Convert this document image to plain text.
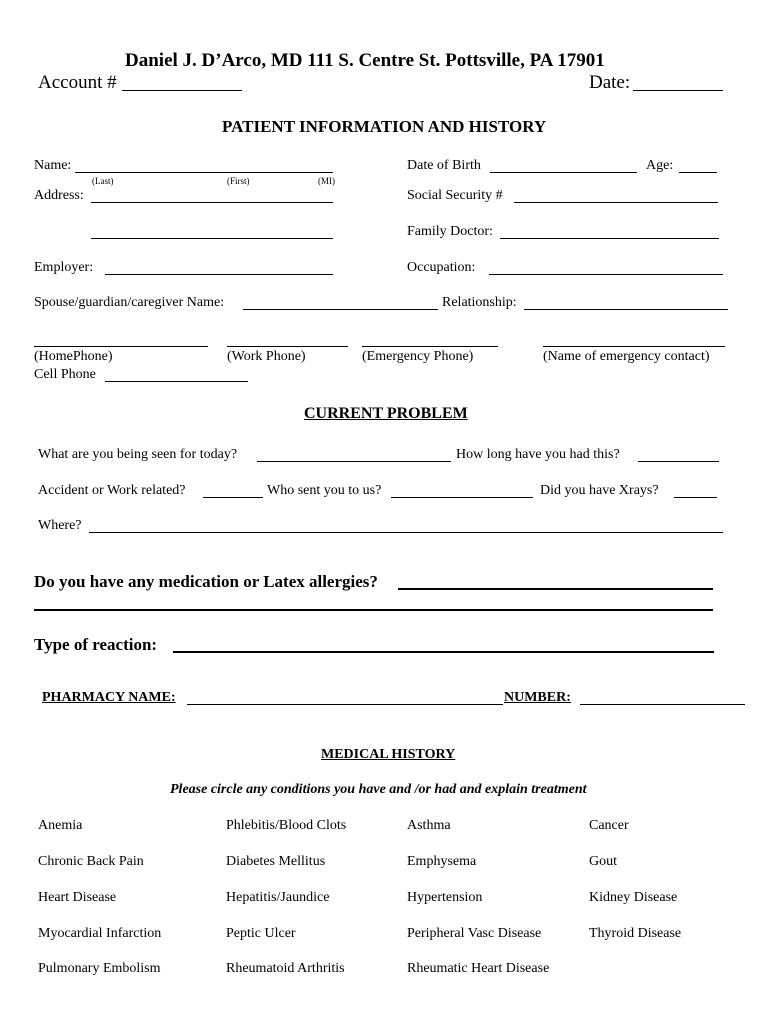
Daniel J. D’Arco, MD 111 S. Centre St. Pottsville, PA 17901
Account #	Date:
PATIENT INFORMATION AND HISTORY
Name:
(Last)	(First)	(MI)
Date of Birth	Age:
Address:	Social Security #
Family Doctor:
Employer:	Occupation:
Spouse/guardian/caregiver Name:	Relationship:
(HomePhone)	(Work Phone)	(Emergency Phone)	(Name of emergency contact)
Cell Phone
CURRENT PROBLEM
What are you being seen for today?	How long have you had this?
Accident or Work related?	Who sent you to us?	Did you have Xrays?
Where?
Do you have any medication or Latex allergies?
Type of reaction:
PHARMACY NAME:	NUMBER:
MEDICAL HISTORY
Please circle any conditions you have and /or had and explain treatment
Anemia	Phlebitis/Blood Clots	Asthma	Cancer
Chronic Back Pain	Diabetes Mellitus	Emphysema	Gout
Heart Disease	Hepatitis/Jaundice	Hypertension	Kidney Disease
Myocardial Infarction	Peptic Ulcer	Peripheral Vasc Disease	Thyroid Disease
Pulmonary Embolism	Rheumatoid Arthritis	Rheumatic Heart Disease
